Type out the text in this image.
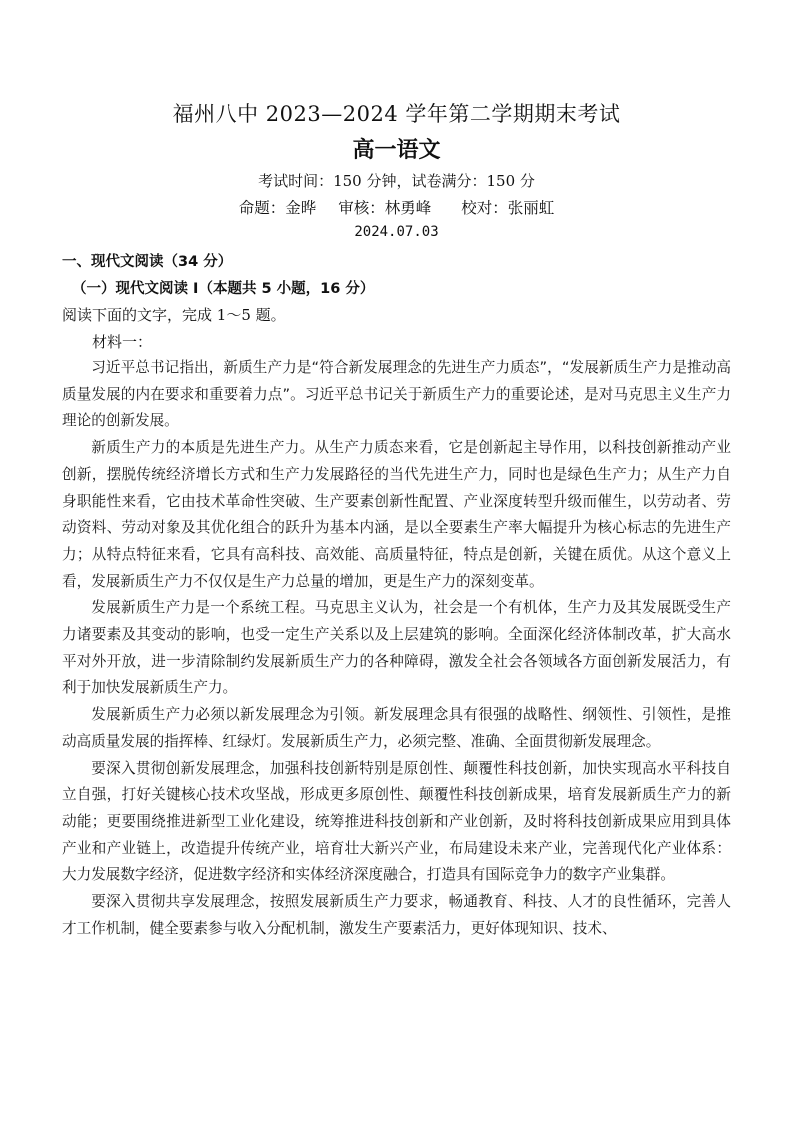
福州八中 2023—2024 学年第二学期期末考试
高一语文
考试时间：150 分钟，试卷满分：150 分
命题：金晔 审核：林勇峰 校对：张丽虹
2024.07.03
一、现代文阅读（34 分）
（一）现代文阅读 I（本题共 5 小题，16 分）
阅读下面的文字，完成 1～5 题。
材料一：

习近平总书记指出，新质生产力是“符合新发展理念的先进生产力质态”，“发展新质生产力是推动高质量发展的内在要求和重要着力点”。习近平总书记关于新质生产力的重要论述，是对马克思主义生产力理论的创新发展。

新质生产力的本质是先进生产力。从生产力质态来看，它是创新起主导作用，以科技创新推动产业创新，摆脱传统经济增长方式和生产力发展路径的当代先进生产力，同时也是绿色生产力；从生产力自身职能性来看，它由技术革命性突破、生产要素创新性配置、产业深度转型升级而催生，以劳动者、劳动资料、劳动对象及其优化组合的跃升为基本内涵，是以全要素生产率大幅提升为核心标志的先进生产力；从特点特征来看，它具有高科技、高效能、高质量特征，特点是创新，关键在质优。从这个意义上看，发展新质生产力不仅仅是生产力总量的增加，更是生产力的深刻变革。

发展新质生产力是一个系统工程。马克思主义认为，社会是一个有机体，生产力及其发展既受生产力诸要素及其变动的影响，也受一定生产关系以及上层建筑的影响。全面深化经济体制改革，扩大高水平对外开放，进一步清除制约发展新质生产力的各种障碍，激发全社会各领域各方面创新发展活力，有利于加快发展新质生产力。

发展新质生产力必须以新发展理念为引领。新发展理念具有很强的战略性、纲领性、引领性，是推动高质量发展的指挥棒、红绿灯。发展新质生产力，必须完整、准确、全面贯彻新发展理念。

要深入贯彻创新发展理念，加强科技创新特别是原创性、颠覆性科技创新，加快实现高水平科技自立自强，打好关键核心技术攻坚战，形成更多原创性、颠覆性科技创新成果，培育发展新质生产力的新动能；更要围绕推进新型工业化建设，统筹推进科技创新和产业创新，及时将科技创新成果应用到具体产业和产业链上，改造提升传统产业，培育壮大新兴产业，布局建设未来产业，完善现代化产业体系：大力发展数字经济，促进数字经济和实体经济深度融合，打造具有国际竞争力的数字产业集群。

要深入贯彻共享发展理念，按照发展新质生产力要求，畅通教育、科技、人才的良性循环，完善人才工作机制，健全要素参与收入分配机制，激发生产要素活力，更好体现知识、技术、
